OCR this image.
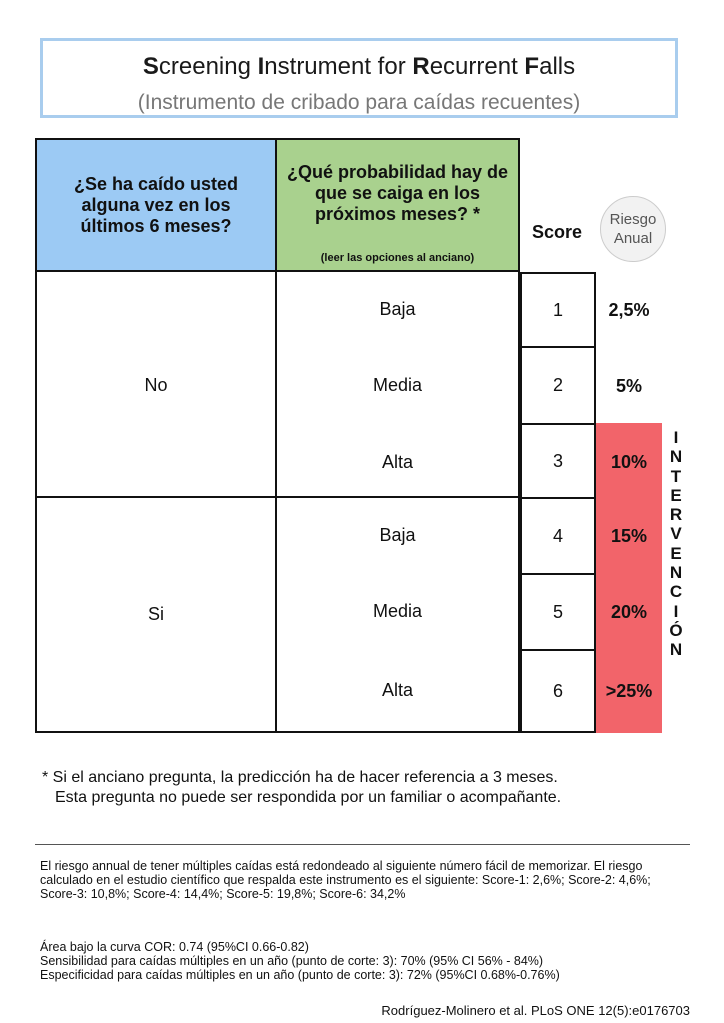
Screening Instrument for Recurrent Falls
(Instrumento de cribado para caídas recuentes)
¿Se ha caído usted alguna vez en los últimos 6 meses?
¿Qué probabilidad hay de que se caiga en los próximos meses? *
(leer las opciones al anciano)
Score
Riesgo
Anual
No
Si
Baja
Media
Alta
Baja
Media
Alta
1
2
3
4
5
6
2,5%
5%
10%
15%
20%
>25%
I
N
T
E
R
V
E
N
C
I
Ó
N
* Si el anciano pregunta, la predicción ha de hacer referencia a 3 meses.
Esta pregunta no puede ser respondida por un familiar o acompañante.
El riesgo annual de tener múltiples caídas está redondeado al siguiente número fácil de memorizar. El riesgo calculado en el estudio científico que respalda este instrumento es el siguiente: Score-1: 2,6%; Score-2: 4,6%; Score-3: 10,8%; Score-4: 14,4%; Score-5: 19,8%; Score-6: 34,2%
Área bajo la curva COR: 0.74 (95%CI 0.66-0.82)
Sensibilidad para caídas múltiples en un año (punto de corte: 3): 70% (95% CI 56% - 84%)
Especificidad para caídas múltiples en un año (punto de corte: 3): 72% (95%CI 0.68%-0.76%)
Rodríguez-Molinero et al. PLoS ONE 12(5):e0176703
